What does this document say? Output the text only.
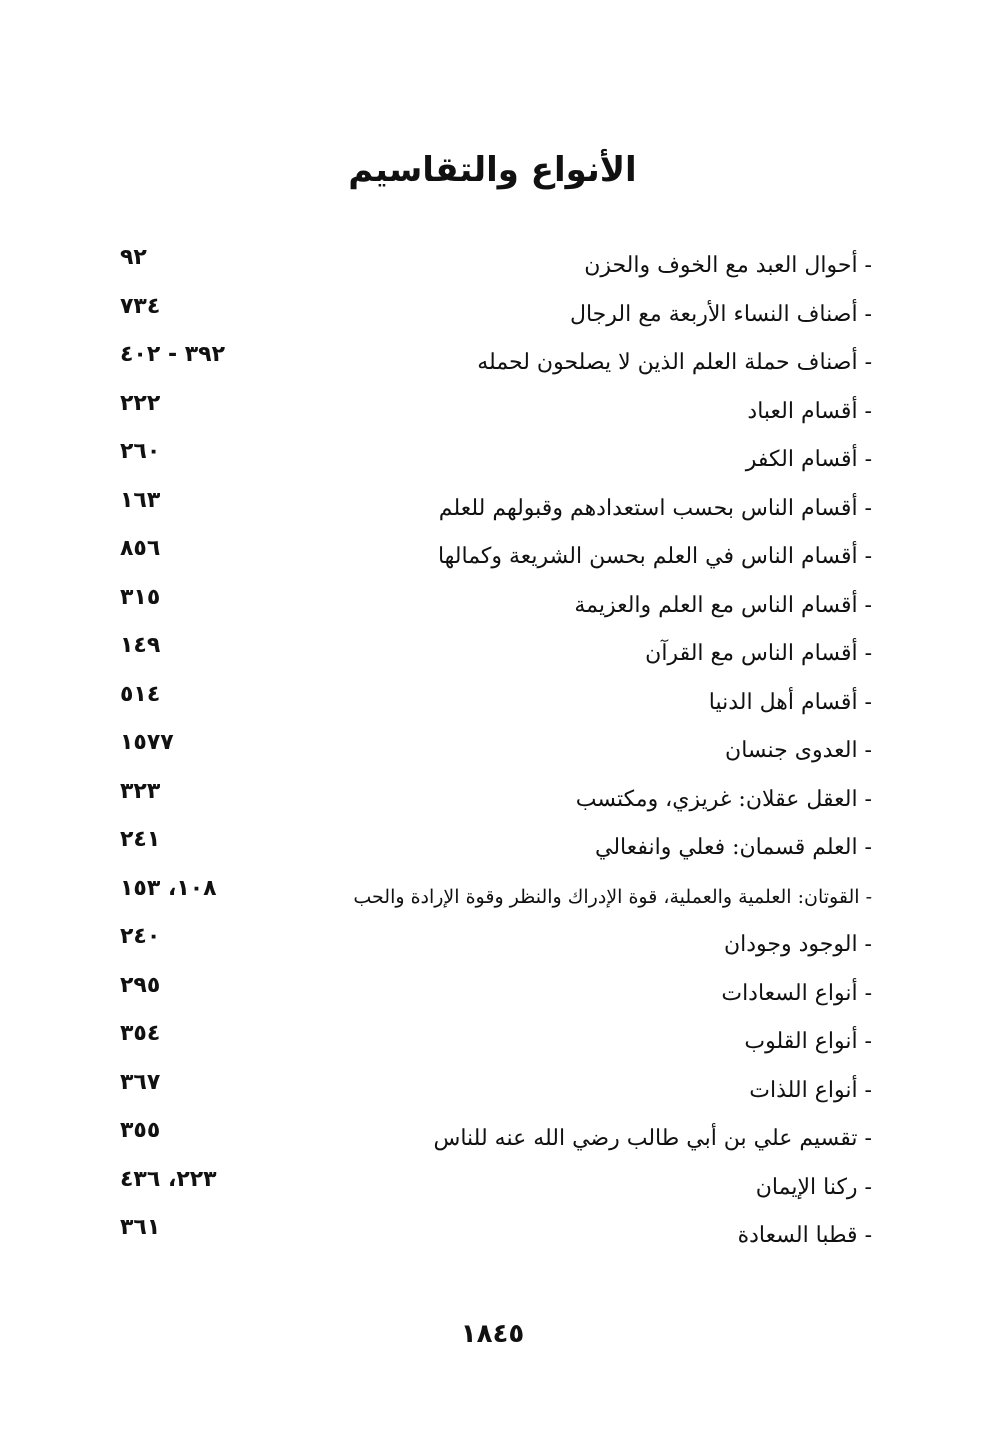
الأنواع والتقاسيم
- أحوال العبد مع الخوف والحزن
٩٢
- أصناف النساء الأربعة مع الرجال
٧٣٤
- أصناف حملة العلم الذين لا يصلحون لحمله
٣٩٢ - ٤٠٢
- أقسام العباد
٢٢٢
- أقسام الكفر
٢٦٠
- أقسام الناس بحسب استعدادهم وقبولهم للعلم
١٦٣
- أقسام الناس في العلم بحسن الشريعة وكمالها
٨٥٦
- أقسام الناس مع العلم والعزيمة
٣١٥
- أقسام الناس مع القرآن
١٤٩
- أقسام أهل الدنيا
٥١٤
- العدوى جنسان
١٥٧٧
- العقل عقلان: غريزي، ومكتسب
٣٢٣
- العلم قسمان: فعلي وانفعالي
٢٤١
- القوتان: العلمية والعملية، قوة الإدراك والنظر وقوة الإرادة والحب
١٠٨، ١٥٣
- الوجود وجودان
٢٤٠
- أنواع السعادات
٢٩٥
- أنواع القلوب
٣٥٤
- أنواع اللذات
٣٦٧
- تقسيم علي بن أبي طالب رضي الله عنه للناس
٣٥٥
- ركنا الإيمان
٢٢٣، ٤٣٦
- قطبا السعادة
٣٦١
١٨٤٥
